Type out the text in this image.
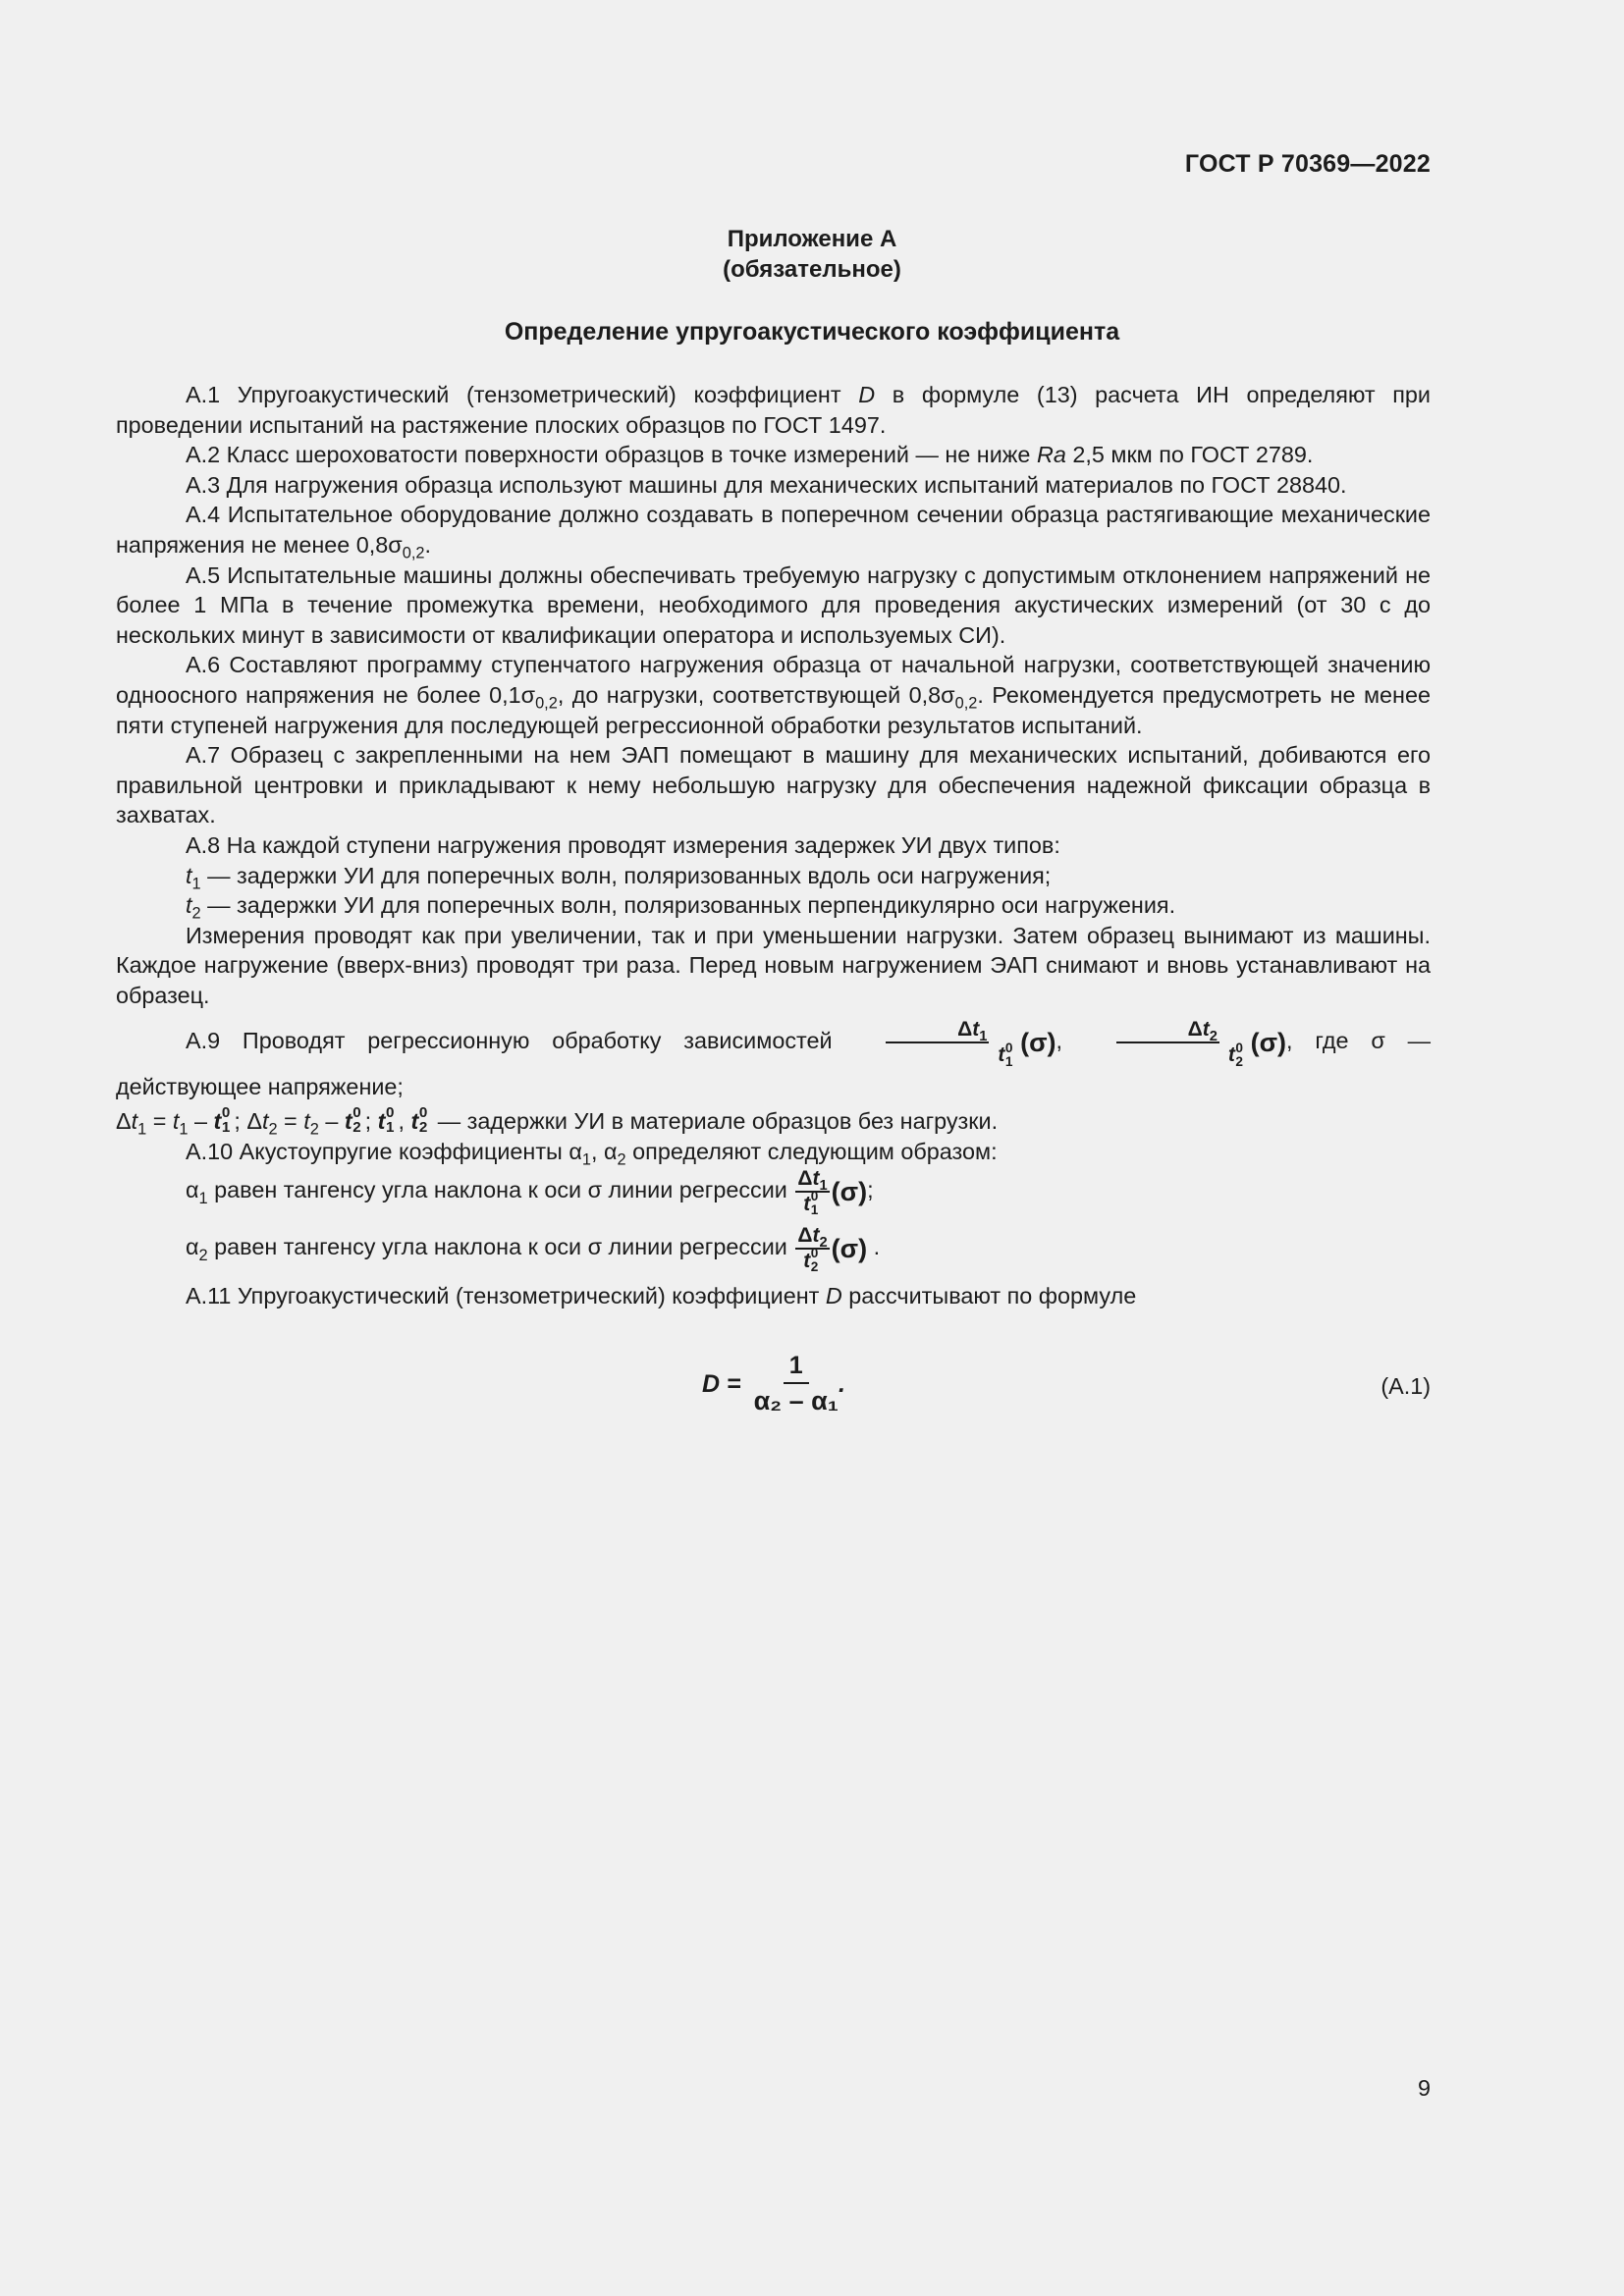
ГОСТ Р 70369—2022
Приложение А
(обязательное)
Определение упругоакустического коэффициента

А.1 Упругоакустический (тензометрический) коэффициент D в формуле (13) расчета ИН определяют при проведении испытаний на растяжение плоских образцов по ГОСТ 1497.

А.2 Класс шероховатости поверхности образцов в точке измерений — не ниже Ra 2,5 мкм по ГОСТ 2789.

А.3 Для нагружения образца используют машины для механических испытаний материалов по ГОСТ 28840.

А.4 Испытательное оборудование должно создавать в поперечном сечении образца растягивающие механические напряжения не менее $0,8\sigma_{0,2}$.

А.5 Испытательные машины должны обеспечивать требуемую нагрузку с допустимым отклонением напряжений не более 1 МПа в течение промежутка времени, необходимого для проведения акустических измерений (от 30 с до нескольких минут в зависимости от квалификации оператора и используемых СИ).

А.6 Составляют программу ступенчатого нагружения образца от начальной нагрузки, соответствующей значению одноосного напряжения не более $0,1\sigma_{0,2}$, до нагрузки, соответствующей $0,8\sigma_{0,2}$. Рекомендуется предусмотреть не менее пяти ступеней нагружения для последующей регрессионной обработки результатов испытаний.

А.7 Образец с закрепленными на нем ЭАП помещают в машину для механических испытаний, добиваются его правильной центровки и прикладывают к нему небольшую нагрузку для обеспечения надежной фиксации образца в захватах.

А.8 На каждой ступени нагружения проводят измерения задержек УИ двух типов:

$t_1$ — задержки УИ для поперечных волн, поляризованных вдоль оси нагружения;

$t_2$ — задержки УИ для поперечных волн, поляризованных перпендикулярно оси нагружения.

Измерения проводят как при увеличении, так и при уменьшении нагрузки. Затем образец вынимают из машины. Каждое нагружение (вверх-вниз) проводят три раза. Перед новым нагружением ЭАП снимают и вновь устанавливают на образец.

А.9 Проводят регрессионную обработку зависимостей $\Delta t_1$
t 0
1
(σ), $\Delta t_2$
t 0
2
(σ), где σ — действующее напряжение;

$\Delta t_1 = t_1 - t$ 0
1 ; $\Delta t_2 = t_2 - t$ 0
2 ; t 0
1 , t 0
2 — задержки УИ в материале образцов без нагрузки.

А.10 Акустоупругие коэффициенты $\alpha_1$, $\alpha_2$ определяют следующим образом:

$\alpha_1$ равен тангенсу угла наклона к оси σ линии регрессии $\Delta t_1$
t 0
1
(σ);

$\alpha_2$ равен тангенсу угла наклона к оси σ линии регрессии $\Delta t_2$
t 0
2
(σ) .

А.11 Упругоакустический (тензометрический) коэффициент D рассчитывают по формуле

$D = \frac{1}{\text{α₂ – α₁}}$ .	(А.1)
9
